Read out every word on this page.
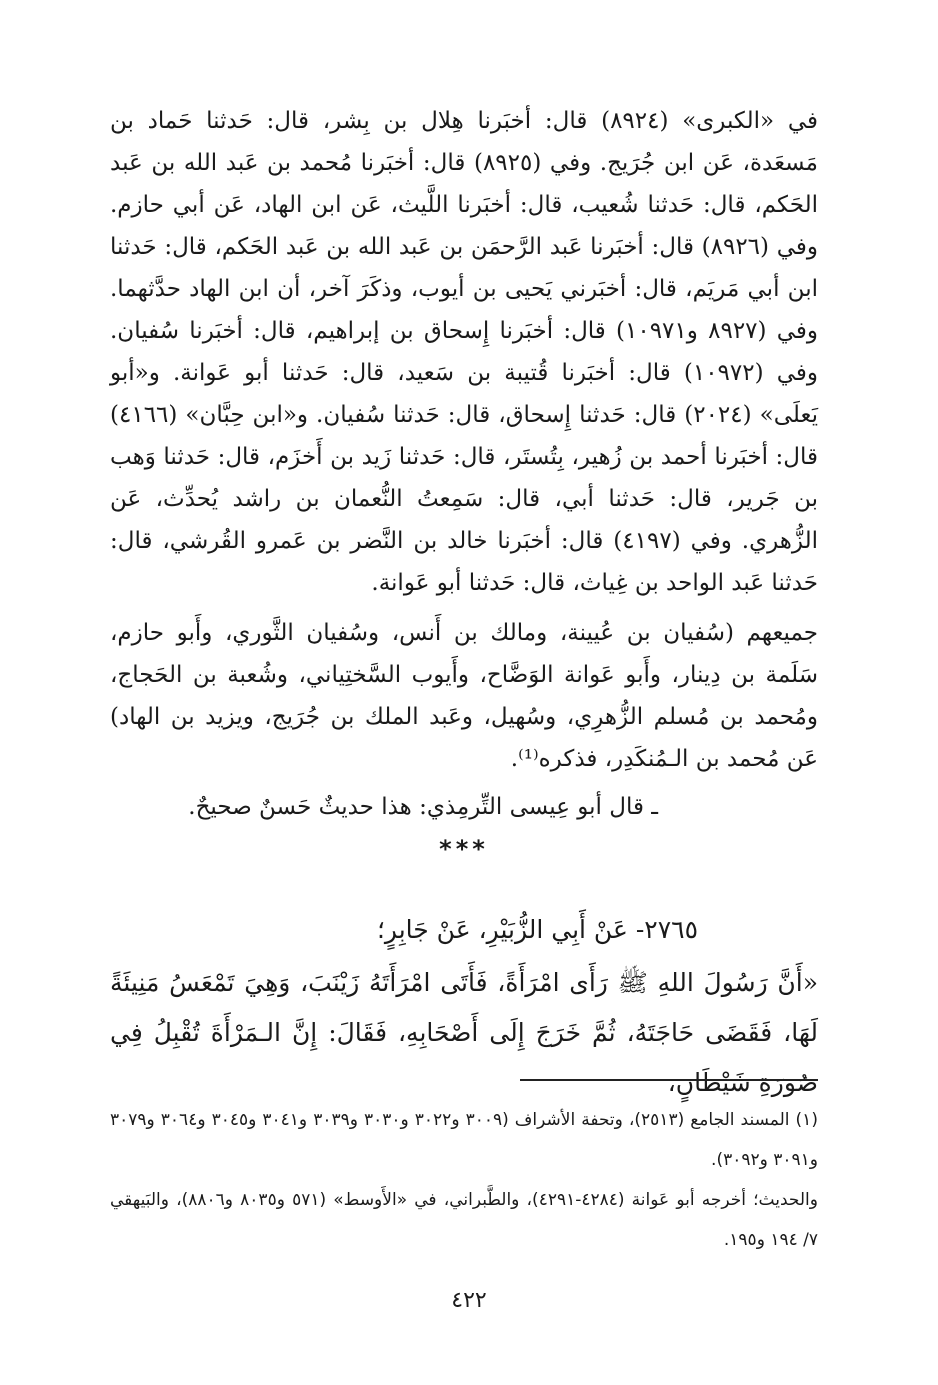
في «الكبرى» (٨٩٢٤) قال: أخبَرنا هِلال بن بِشر، قال: حَدثنا حَماد بن مَسعَدة، عَن ابن جُرَيج. وفي (٨٩٢٥) قال: أخبَرنا مُحمد بن عَبد الله بن عَبد الحَكم، قال: حَدثنا شُعيب، قال: أخبَرنا اللَّيث، عَن ابن الهاد، عَن أبي حازم. وفي (٨٩٢٦) قال: أخبَرنا عَبد الرَّحمَن بن عَبد الله بن عَبد الحَكم، قال: حَدثنا ابن أبي مَريَم، قال: أخبَرني يَحيى بن أيوب، وذكَرَ آخر، أن ابن الهاد حدَّثهما. وفي (٨٩٢٧ و١٠٩٧١) قال: أخبَرنا إِسحاق بن إبراهيم، قال: أخبَرنا سُفيان. وفي (١٠٩٧٢) قال: أخبَرنا قُتيبة بن سَعيد، قال: حَدثنا أبو عَوانة. و«أبو يَعلَى» (٢٠٢٤) قال: حَدثنا إِسحاق، قال: حَدثنا سُفيان. و«ابن حِبَّان» (٤١٦٦) قال: أخبَرنا أحمد بن زُهير، بِتُستَر، قال: حَدثنا زَيد بن أَخزَم، قال: حَدثنا وَهب بن جَرير، قال: حَدثنا أبي، قال: سَمِعتُ النُّعمان بن راشد يُحدِّث، عَن الزُّهري. وفي (٤١٩٧) قال: أخبَرنا خالد بن النَّضر بن عَمرو القُرشي، قال: حَدثنا عَبد الواحد بن غِياث، قال: حَدثنا أبو عَوانة.

جميعهم (سُفيان بن عُيينة، ومالك بن أَنس، وسُفيان الثَّوري، وأَبو حازم، سَلَمة بن دِينار، وأَبو عَوانة الوَضَّاح، وأَيوب السَّختِياني، وشُعبة بن الحَجاج، ومُحمد بن مُسلم الزُّهرِي، وسُهيل، وعَبد الملك بن جُرَيج، ويزيد بن الهاد) عَن مُحمد بن الـمُنكَدِر، فذكره⁽¹⁾.

ـ قال أبو عِيسى التِّرمِذي: هذا حديثٌ حَسنٌ صحيحٌ.

***

٢٧٦٥- عَنْ أَبِي الزُّبَيْرِ، عَنْ جَابِرٍ؛

«أَنَّ رَسُولَ اللهِ ﷺ رَأَى امْرَأَةً، فَأَتَى امْرَأَتَهُ زَيْنَبَ، وَهِيَ تَمْعَسُ مَنِيئَةً لَهَا، فَقَضَى حَاجَتَهُ، ثُمَّ خَرَجَ إِلَى أَصْحَابِهِ، فَقَالَ: إِنَّ الـمَرْأَةَ تُقْبِلُ فِي صُورَةِ شَيْطَانٍ،

(١) المسند الجامع (٢٥١٣)، وتحفة الأشراف (٣٠٠٩ و٣٠٢٢ و٣٠٣٠ و٣٠٣٩ و٣٠٤١ و٣٠٤٥ و٣٠٦٤ و٣٠٧٩ و٣٠٩١ و٣٠٩٢).

والحديث؛ أخرجه أبو عَوانة (٤٢٨٤-٤٢٩١)، والطَّبراني، في «الأَوسط» (٥٧١ و٨٠٣٥ و٨٨٠٦)، والبَيهقي ٧/ ١٩٤ و١٩٥.

٤٢٢
